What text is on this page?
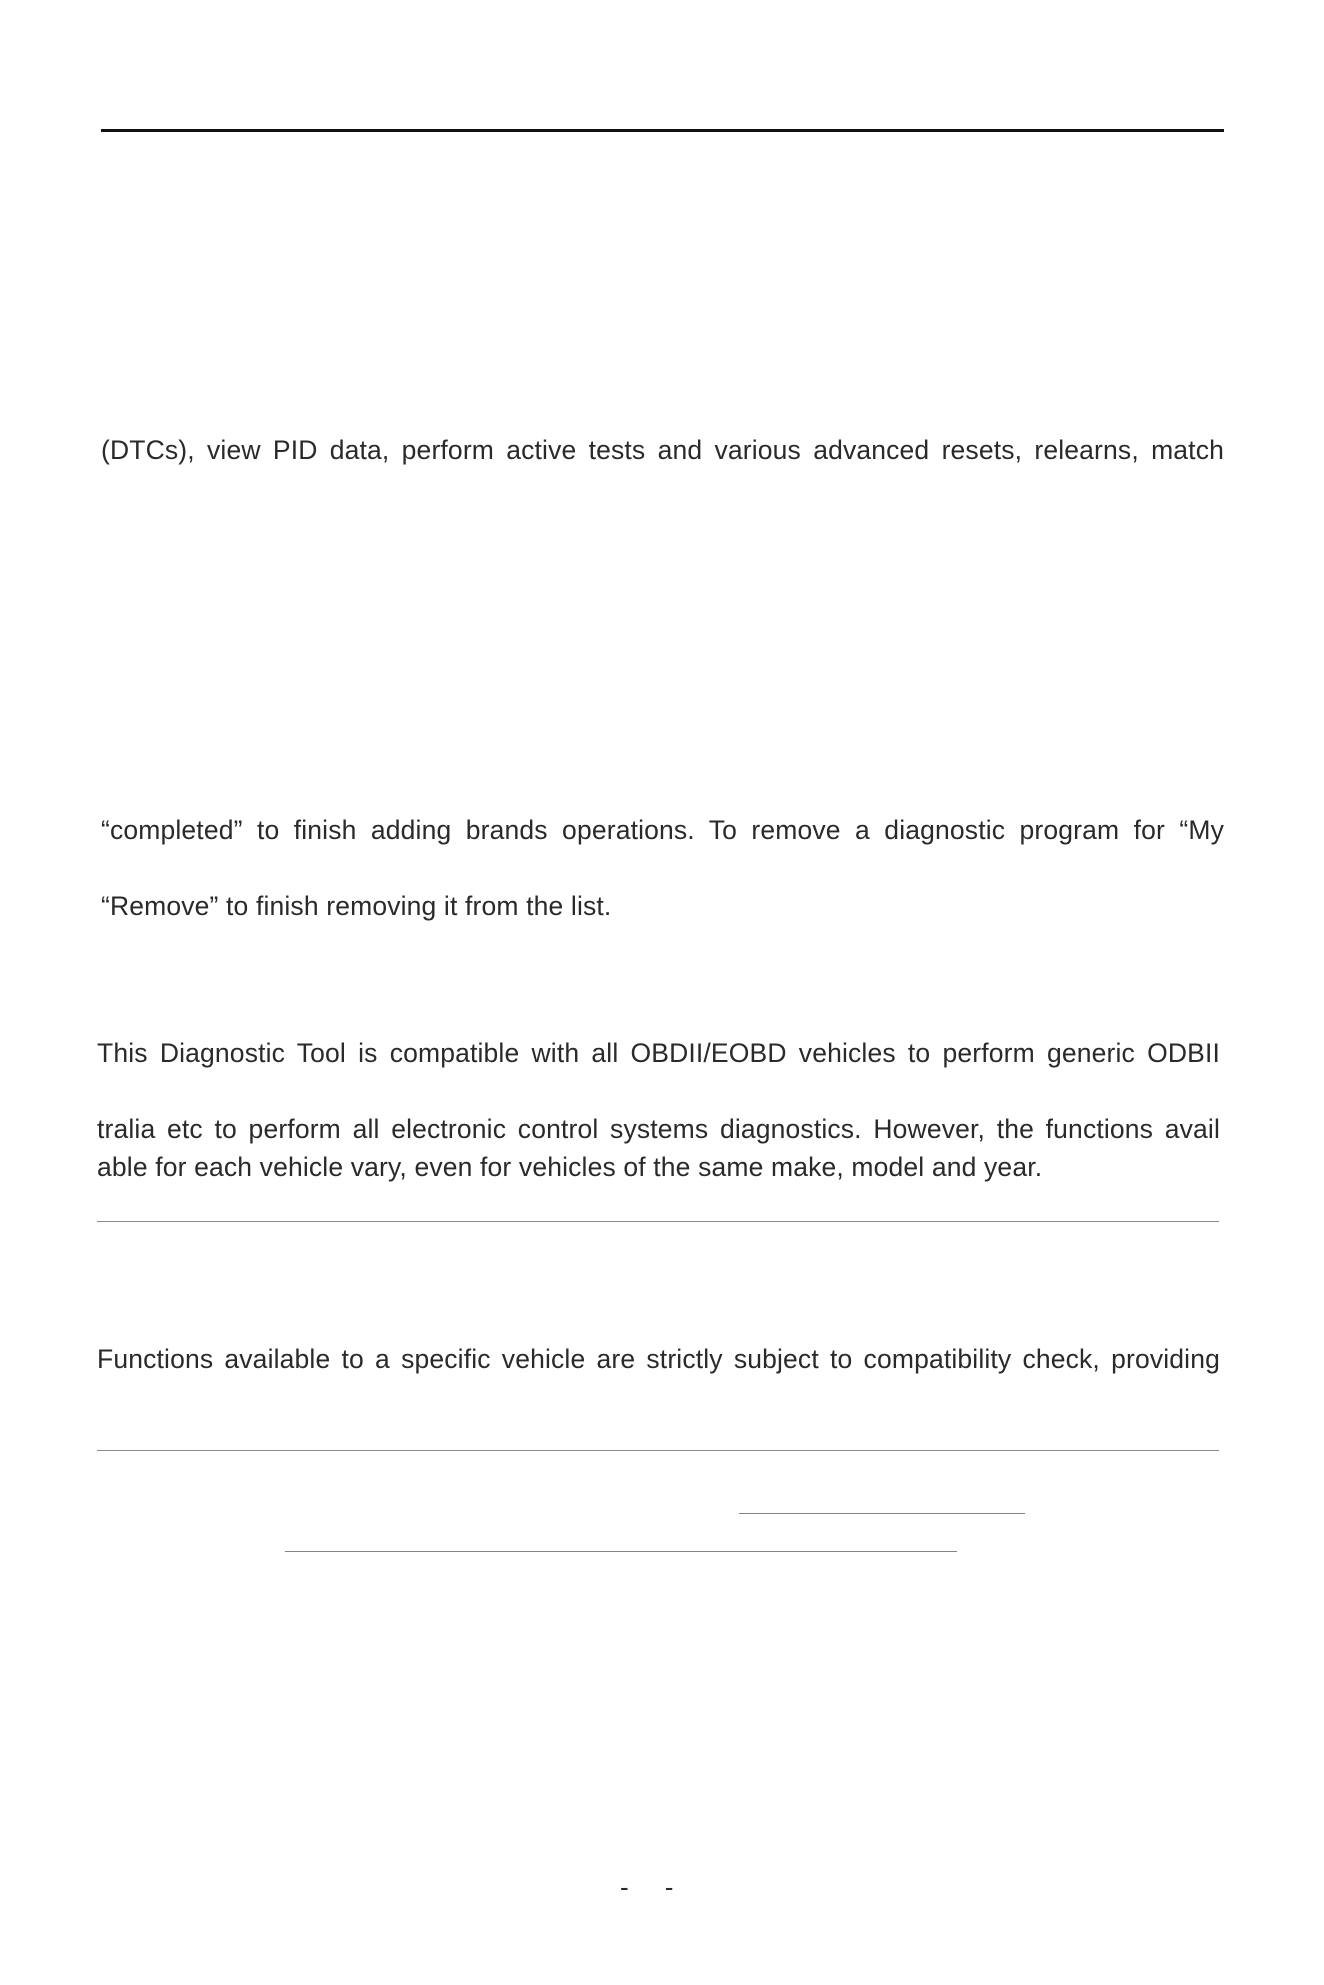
(DTCs), view PID data, perform active tests and various advanced resets, relearns, match
“completed” to finish adding brands operations. To remove a diagnostic program for “My
“Remove” to finish removing it from the list.
This Diagnostic Tool is compatible with all OBDII/EOBD vehicles to perform generic ODBII
tralia etc to perform all electronic control systems diagnostics. However, the functions avail
able for each vehicle vary, even for vehicles of the same make, model and year.
Functions available to a specific vehicle are strictly subject to compatibility check, providing
-     -
